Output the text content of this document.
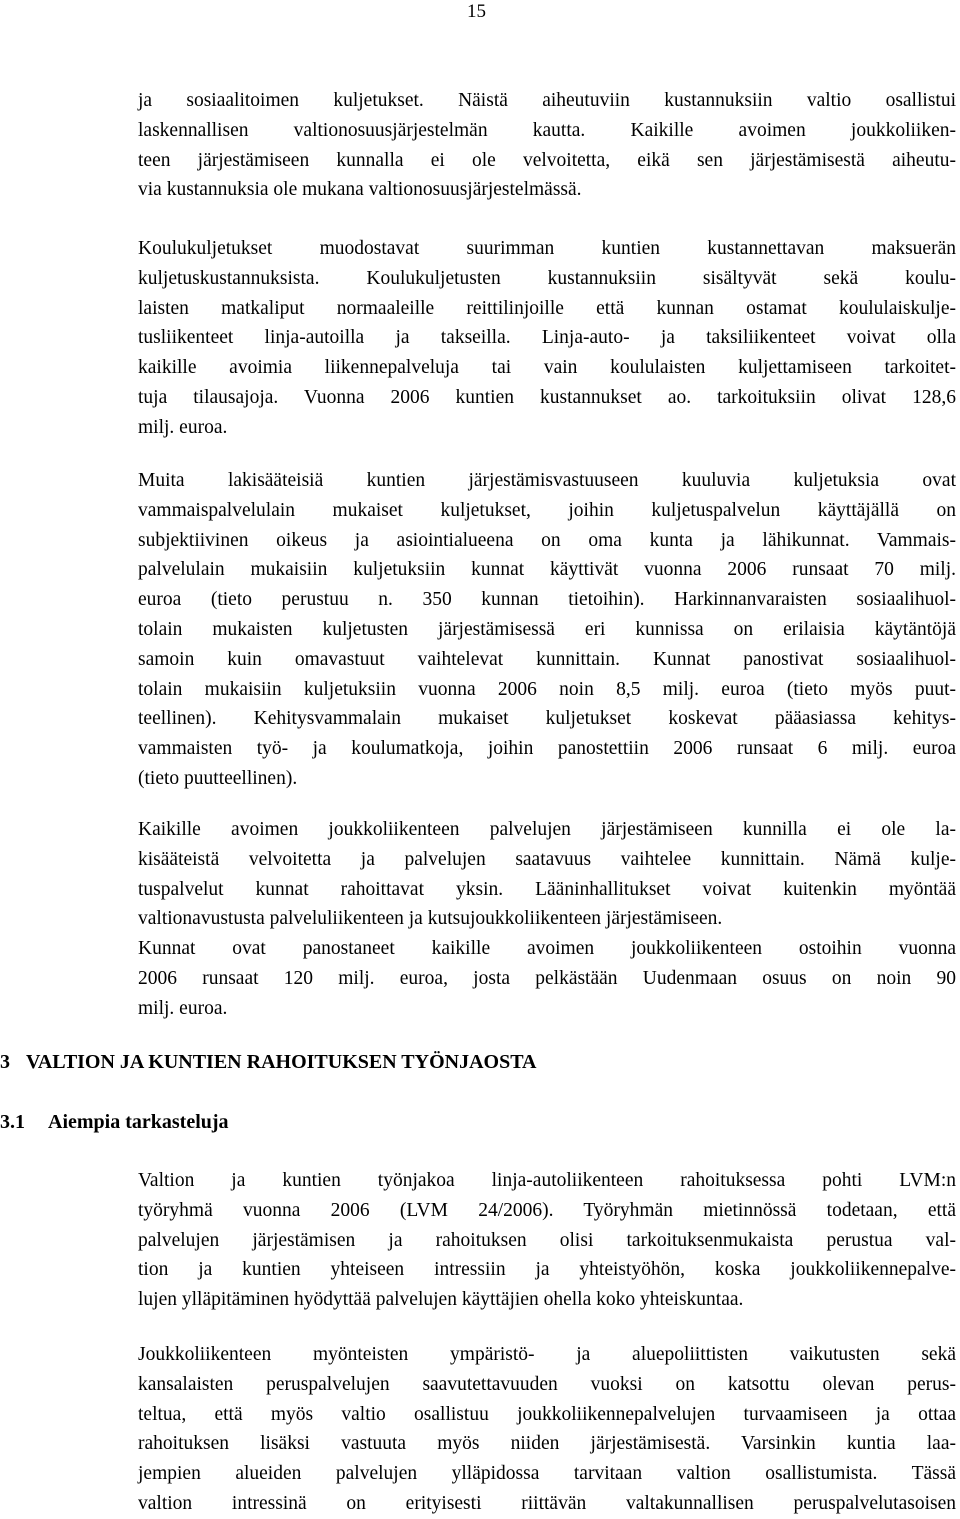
15

ja sosiaalitoimen kuljetukset. Näistä aiheutuviin kustannuksiin valtio osallistui
laskennallisen valtionosuusjärjestelmän kautta. Kaikille avoimen joukkoliiken-
teen järjestämiseen kunnalla ei ole velvoitetta, eikä sen järjestämisestä aiheutu-
via kustannuksia ole mukana valtionosuusjärjestelmässä.

Koulukuljetukset muodostavat suurimman kuntien kustannettavan maksuerän
kuljetuskustannuksista. Koulukuljetusten kustannuksiin sisältyvät sekä koulu-
laisten matkaliput normaaleille reittilinjoille että kunnan ostamat koululaiskulje-
tusliikenteet linja-autoilla ja takseilla. Linja-auto- ja taksiliikenteet voivat olla
kaikille avoimia liikennepalveluja tai vain koululaisten kuljettamiseen tarkoitet-
tuja tilausajoja. Vuonna 2006 kuntien kustannukset ao. tarkoituksiin olivat 128,6
milj. euroa.

Muita lakisääteisiä kuntien järjestämisvastuuseen kuuluvia kuljetuksia ovat
vammaispalvelulain mukaiset kuljetukset, joihin kuljetuspalvelun käyttäjällä on
subjektiivinen oikeus ja asiointialueena on oma kunta ja lähikunnat. Vammais-
palvelulain mukaisiin kuljetuksiin kunnat käyttivät vuonna 2006 runsaat 70 milj.
euroa (tieto perustuu n. 350 kunnan tietoihin). Harkinnanvaraisten sosiaalihuol-
tolain mukaisten kuljetusten järjestämisessä eri kunnissa on erilaisia käytäntöjä
samoin kuin omavastuut vaihtelevat kunnittain. Kunnat panostivat sosiaalihuol-
tolain mukaisiin kuljetuksiin vuonna 2006 noin 8,5 milj. euroa (tieto myös puut-
teellinen). Kehitysvammalain mukaiset kuljetukset koskevat pääasiassa kehitys-
vammaisten työ- ja koulumatkoja, joihin panostettiin 2006 runsaat 6 milj. euroa
(tieto puutteellinen).

Kaikille avoimen joukkoliikenteen palvelujen järjestämiseen kunnilla ei ole la-
kisääteistä velvoitetta ja palvelujen saatavuus vaihtelee kunnittain. Nämä kulje-
tuspalvelut kunnat rahoittavat yksin. Lääninhallitukset voivat kuitenkin myöntää
valtionavustusta palveluliikenteen ja kutsujoukkoliikenteen järjestämiseen.
Kunnat ovat panostaneet kaikille avoimen joukkoliikenteen ostoihin vuonna
2006 runsaat 120 milj. euroa, josta pelkästään Uudenmaan osuus on noin 90
milj. euroa.

3 VALTION JA KUNTIEN RAHOITUKSEN TYÖNJAOSTA
3.1 Aiempia tarkasteluja

Valtion ja kuntien työnjakoa linja-autoliikenteen rahoituksessa pohti LVM:n
työryhmä vuonna 2006 (LVM 24/2006). Työryhmän mietinnössä todetaan, että
palvelujen järjestämisen ja rahoituksen olisi tarkoituksenmukaista perustua val-
tion ja kuntien yhteiseen intressiin ja yhteistyöhön, koska joukkoliikennepalve-
lujen ylläpitäminen hyödyttää palvelujen käyttäjien ohella koko yhteiskuntaa.

Joukkoliikenteen myönteisten ympäristö- ja aluepoliittisten vaikutusten sekä
kansalaisten peruspalvelujen saavutettavuuden vuoksi on katsottu olevan perus-
teltua, että myös valtio osallistuu joukkoliikennepalvelujen turvaamiseen ja ottaa
rahoituksen lisäksi vastuuta myös niiden järjestämisestä. Varsinkin kuntia laa-
jempien alueiden palvelujen ylläpidossa tarvitaan valtion osallistumista. Tässä
valtion intressinä on erityisesti riittävän valtakunnallisen peruspalvelutasoisen
